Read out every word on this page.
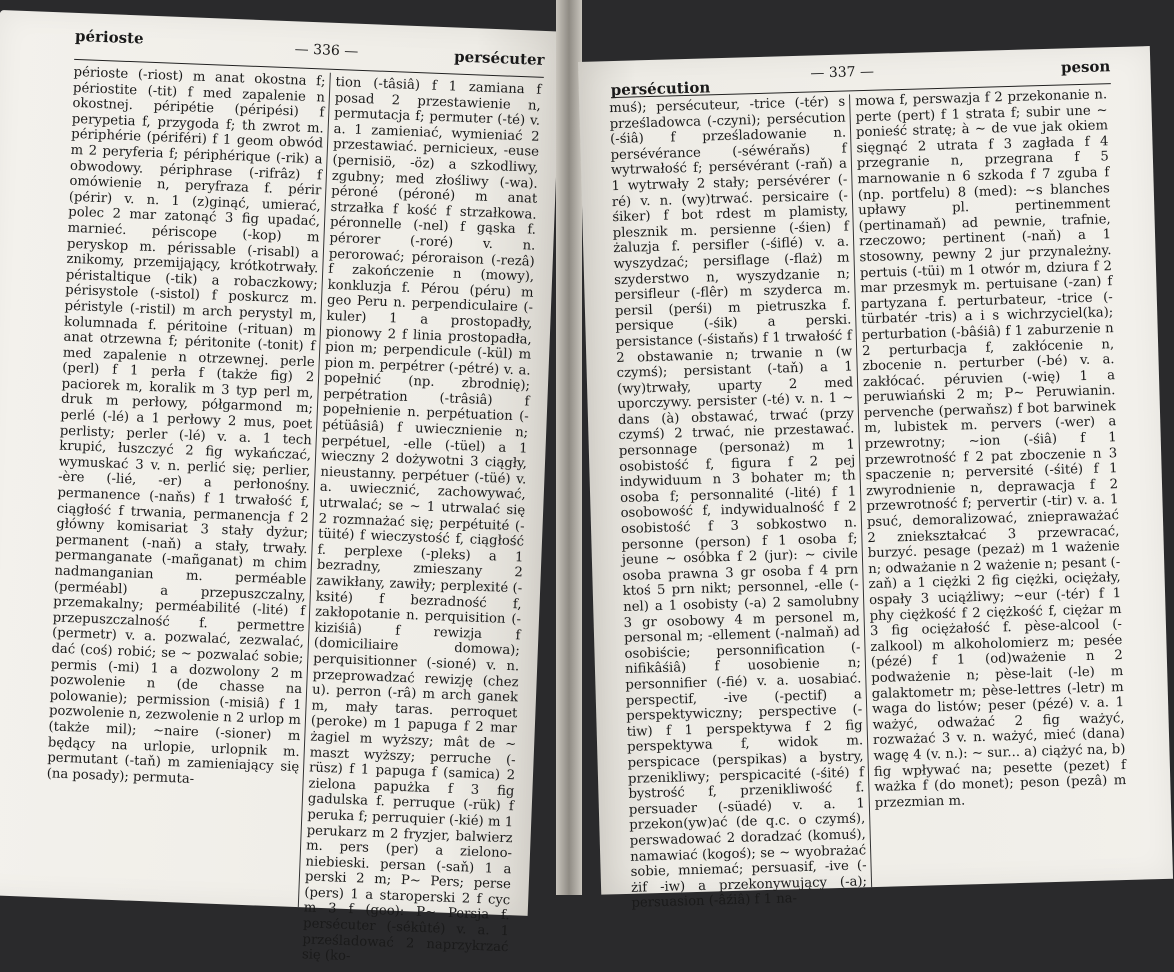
périoste
— 336 —	persécuter
périoste (-riost) m anat okostna f; périostite (-tit) f med zapalenie n okostnej. péripétie (péripési) f perypetia f, przygoda f; th zwrot m. périphérie (périféri) f 1 geom obwód m 2 peryferia f; périphérique (-rik) a obwodowy. périphrase (-rifrâz) f omówienie n, peryfraza f. périr (périr) v. n. 1 (z)ginąć, umierać, polec 2 mar zatonąć 3 fig upadać, marnieć. périscope (-kop) m peryskop m. périssable (-risabl) a znikomy, przemijający, krótkotrwały. péristaltique (-tik) a robaczkowy; périsystole (-sistol) f poskurcz m. péristyle (-ristil) m arch perystyl m, kolumnada f. péritoine (-rituan) m anat otrzewna f; péritonite (-tonit) f med zapalenie n otrzewnej. perle (perl) f 1 perła f (także fig) 2 paciorek m, koralik m 3 typ perl m, druk m perłowy, półgarmond m; perlé (-lé) a 1 perłowy 2 mus, poet perlisty; perler (-lé) v. a. 1 tech krupić, łuszczyć 2 fig wykańczać, wymuskać 3 v. n. perlić się; perlier, -ère (-lié, -er) a perłonośny. permanence (-naňs) f 1 trwałość f, ciągłość f trwania, permanencja f 2 główny komisariat 3 stały dyżur; permanent (-naň) a stały, trwały. permanganate (-mañganat) m chim nadmanganian m. perméable (perméabl) a przepuszczalny, przemakalny; perméabilité (-lité) f przepuszczalność f. permettre (permetr) v. a. pozwalać, zezwalać, dać (coś) robić; se ~ pozwalać sobie; permis (-mi) 1 a dozwolony 2 m pozwolenie n (de chasse na polowanie); permission (-misiâ) f 1 pozwolenie n, zezwolenie n 2 urlop m (także mil); ~naire (-sioner) m będący na urlopie, urlopnik m. permutant (-taň) m zamieniający się (na posady); permuta-
tion (-tâsiâ) f 1 zamiana f posad 2 przestawienie n, permutacja f; permuter (-té) v. a. 1 zamieniać, wymieniać 2 przestawiać. pernicieux, -euse (pernisiö, -öz) a szkodliwy, zgubny; med złośliwy (-wa). péroné (péroné) m anat strzałka f kość f strzałkowa. péronnelle (-nel) f gąska f. pérorer (-roré) v. n. perorować; péroraison (-rezâ) f zakończenie n (mowy), konkluzja f. Pérou (péru) m geo Peru n. perpendiculaire (-kuler) 1 a prostopadły, pionowy 2 f linia prostopadła, pion m; perpendicule (-kül) m pion m. perpétrer (-pétré) v. a. popełnić (np. zbrodnię); perpétration (-trâsiâ) f popełnienie n. perpétuation (-pétüâsiâ) f uwiecznienie n; perpétuel, -elle (-tüel) a 1 wieczny 2 dożywotni 3 ciągły, nieustanny. perpétuer (-tüé) v. a. uwiecznić, zachowywać, utrwalać; se ~ 1 utrwalać się 2 rozmnażać się; perpétuité (-tüité) f wieczystość f, ciągłość f. perplexe (-pleks) a 1 bezradny, zmieszany 2 zawikłany, zawiły; perplexité (-ksité) f bezradność f, zakłopotanie n. perquisition (-kiziśiâ) f rewizja f (domiciliaire domowa); perquisitionner (-sioné) v. n. przeprowadzać rewizję (chez u). perron (-râ) m arch ganek m, mały taras. perroquet (peroke) m 1 papuga f 2 mar żagiel m wyższy; mât de ~ maszt wyższy; perruche (-rüsz) f 1 papuga f (samica) 2 zielona papużka f 3 fig gadulska f. perruque (-rük) f peruka f; perruquier (-kié) m 1 perukarz m 2 fryzjer, balwierz m. pers (per) a zielono-niebieski. persan (-saň) 1 a perski 2 m; P~ Pers; perse (pers) 1 a staroperski 2 f cyc m 3 f (geo): P~ Persja f. persécuter (-sékûté) v. a. 1 prześladować 2 naprzykrzać się (ko-
persécution
— 337 —	peson
muś); persécuteur, -trice (-tér) s prześladowca (-czyni); persécution (-śiâ) f prześladowanie n. persévérance (-séwéraňs) f wytrwałość f; persévérant (-raň) a 1 wytrwały 2 stały; persévérer (-ré) v. n. (wy)trwać. persicaire (-śiker) f bot rdest m plamisty, plesznik m. persienne (-śien) f żaluzja f. persifler (-śiflé) v. a. wyszydzać; persiflage (-flaż) m szyderstwo n, wyszydzanie n; persifleur (-flêr) m szyderca m. persil (perśi) m pietruszka f. persique (-śik) a perski. persistance (-śistaňs) f 1 trwałość f 2 obstawanie n; trwanie n (w czymś); persistant (-taň) a 1 (wy)trwały, uparty 2 med uporczywy. persister (-té) v. n. 1 ~ dans (à) obstawać, trwać (przy czymś) 2 trwać, nie przestawać. personnage (personaż) m 1 osobistość f, figura f 2 pej indywiduum n 3 bohater m; th osoba f; personnalité (-lité) f 1 osobowość f, indywidualność f 2 osobistość f 3 sobkostwo n. personne (person) f 1 osoba f; jeune ~ osóbka f 2 (jur): ~ civile osoba prawna 3 gr osoba f 4 prn ktoś 5 prn nikt; personnel, -elle (-nel) a 1 osobisty (-a) 2 samolubny 3 gr osobowy 4 m personel m, personal m; -ellement (-nalmaň) ad osobiście; personnification (-nifikâśiâ) f uosobienie n; personnifier (-fié) v. a. uosabiać. perspectif, -ive (-pectif) a perspektywiczny; perspective (-tiw) f 1 perspektywa f 2 fig perspektywa f, widok m. perspicace (perspikas) a bystry, przenikliwy; perspicacité (-śité) f bystrość f, przenikliwość f. persuader (-süadé) v. a. 1 przekon(yw)ać (de q.c. o czymś), perswadować 2 doradzać (komuś), namawiać (kogoś); se ~ wyobrażać sobie, mniemać; persuasif, -ive (-żif -iw) a przekonywujący (-a); persuasion (-âźiâ) f 1 na-
mowa f, perswazja f 2 przekonanie n. perte (pert) f 1 strata f; subir une ~ ponieść stratę; à ~ de vue jak okiem sięgnąć 2 utrata f 3 zagłada f 4 przegranie n, przegrana f 5 marnowanie n 6 szkoda f 7 zguba f (np. portfelu) 8 (med): ~s blanches upławy pl. pertinemment (pertinamaň) ad pewnie, trafnie, rzeczowo; pertinent (-naň) a 1 stosowny, pewny 2 jur przynależny. pertuis (-tüi) m 1 otwór m, dziura f 2 mar przesmyk m. pertuisane (-zan) f partyzana f. perturbateur, -trice (-türbatér -tris) a i s wichrzyciel(ka); perturbation (-bâśiâ) f 1 zaburzenie n 2 perturbacja f, zakłócenie n, zbocenie n. perturber (-bé) v. a. zakłócać. péruvien (-wię) 1 a peruwiański 2 m; P~ Peruwianin. pervenche (perwaňsz) f bot barwinek m, lubistek m. pervers (-wer) a przewrotny; ~ion (-śiâ) f 1 przewrotność f 2 pat zboczenie n 3 spaczenie n; perversité (-śité) f 1 zwyrodnienie n, deprawacja f 2 przewrotność f; pervertir (-tir) v. a. 1 psuć, demoralizować, zniepraważać 2 zniekształcać 3 przewracać, burzyć. pesage (pezaż) m 1 ważenie n; odważanie n 2 ważenie n; pesant (-zaň) a 1 ciężki 2 fig ciężki, ociężały, ospały 3 uciążliwy; ~eur (-tér) f 1 phy ciężkość f 2 ciężkość f, ciężar m 3 fig ociężałość f. pèse-alcool (-zalkool) m alkoholomierz m; pesée (pézé) f 1 (od)ważenie n 2 podważenie n; pèse-lait (-le) m galaktometr m; pèse-lettres (-letr) m waga do listów; peser (pézé) v. a. 1 ważyć, odważać 2 fig ważyć, rozważać 3 v. n. ważyć, mieć (dana) wagę 4 (v. n.): ~ sur... a) ciążyć na, b) fig wpływać na; pesette (pezet) f ważka f (do monet); peson (pezâ) m przezmian m.
